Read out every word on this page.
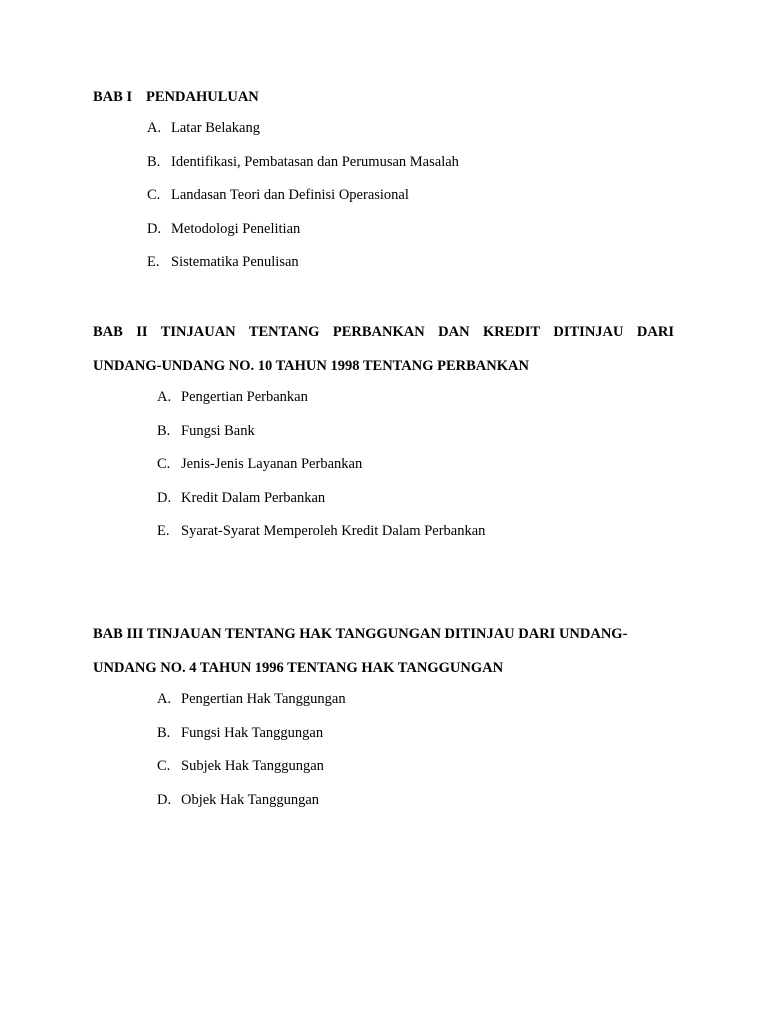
BAB I PENDAHULUAN
A. Latar Belakang
B. Identifikasi, Pembatasan dan Perumusan Masalah
C. Landasan Teori dan Definisi Operasional
D. Metodologi Penelitian
E. Sistematika Penulisan
BAB II TINJAUAN TENTANG PERBANKAN DAN KREDIT DITINJAU DARI
UNDANG-UNDANG NO. 10 TAHUN 1998 TENTANG PERBANKAN
A. Pengertian Perbankan
B. Fungsi Bank
C. Jenis-Jenis Layanan Perbankan
D. Kredit Dalam Perbankan
E. Syarat-Syarat Memperoleh Kredit Dalam Perbankan
BAB III TINJAUAN TENTANG HAK TANGGUNGAN DITINJAU DARI UNDANG-
UNDANG NO. 4 TAHUN 1996 TENTANG HAK TANGGUNGAN
A. Pengertian Hak Tanggungan
B. Fungsi Hak Tanggungan
C. Subjek Hak Tanggungan
D. Objek Hak Tanggungan
